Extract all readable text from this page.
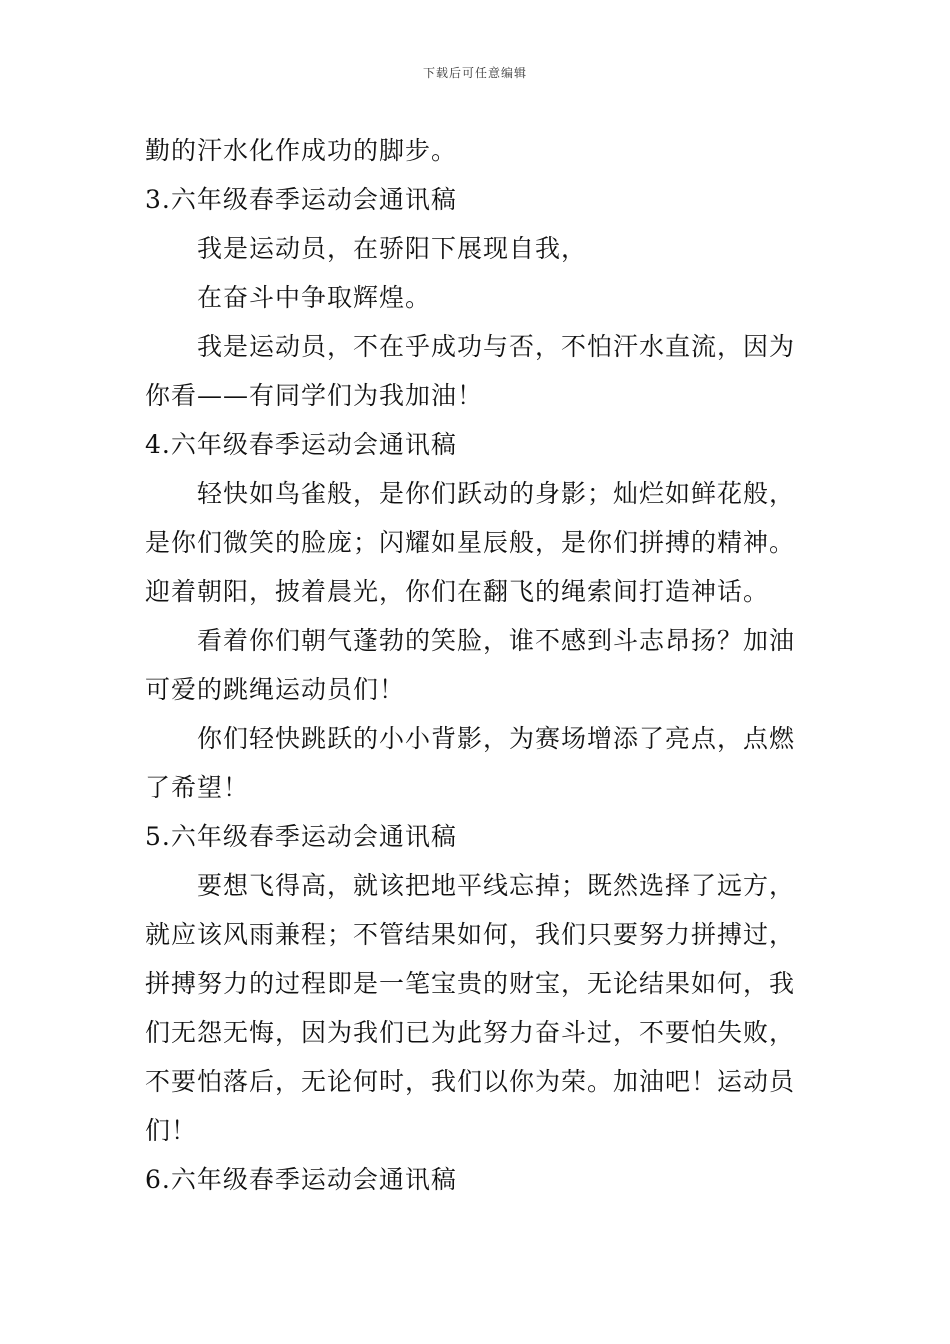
下载后可任意编辑
勤的汗水化作成功的脚步。
3.六年级春季运动会通讯稿
我是运动员，在骄阳下展现自我，
在奋斗中争取辉煌。
我是运动员，不在乎成功与否，不怕汗水直流，因为
你看——有同学们为我加油！
4.六年级春季运动会通讯稿
轻快如鸟雀般，是你们跃动的身影；灿烂如鲜花般，
是你们微笑的脸庞；闪耀如星辰般，是你们拼搏的精神。
迎着朝阳，披着晨光，你们在翻飞的绳索间打造神话。
看着你们朝气蓬勃的笑脸，谁不感到斗志昂扬？加油
可爱的跳绳运动员们！
你们轻快跳跃的小小背影，为赛场增添了亮点，点燃
了希望！
5.六年级春季运动会通讯稿
要想飞得高，就该把地平线忘掉；既然选择了远方，
就应该风雨兼程；不管结果如何，我们只要努力拼搏过，
拼搏努力的过程即是一笔宝贵的财宝，无论结果如何，我
们无怨无悔，因为我们已为此努力奋斗过，不要怕失败，
不要怕落后，无论何时，我们以你为荣。加油吧！运动员
们！
6.六年级春季运动会通讯稿
